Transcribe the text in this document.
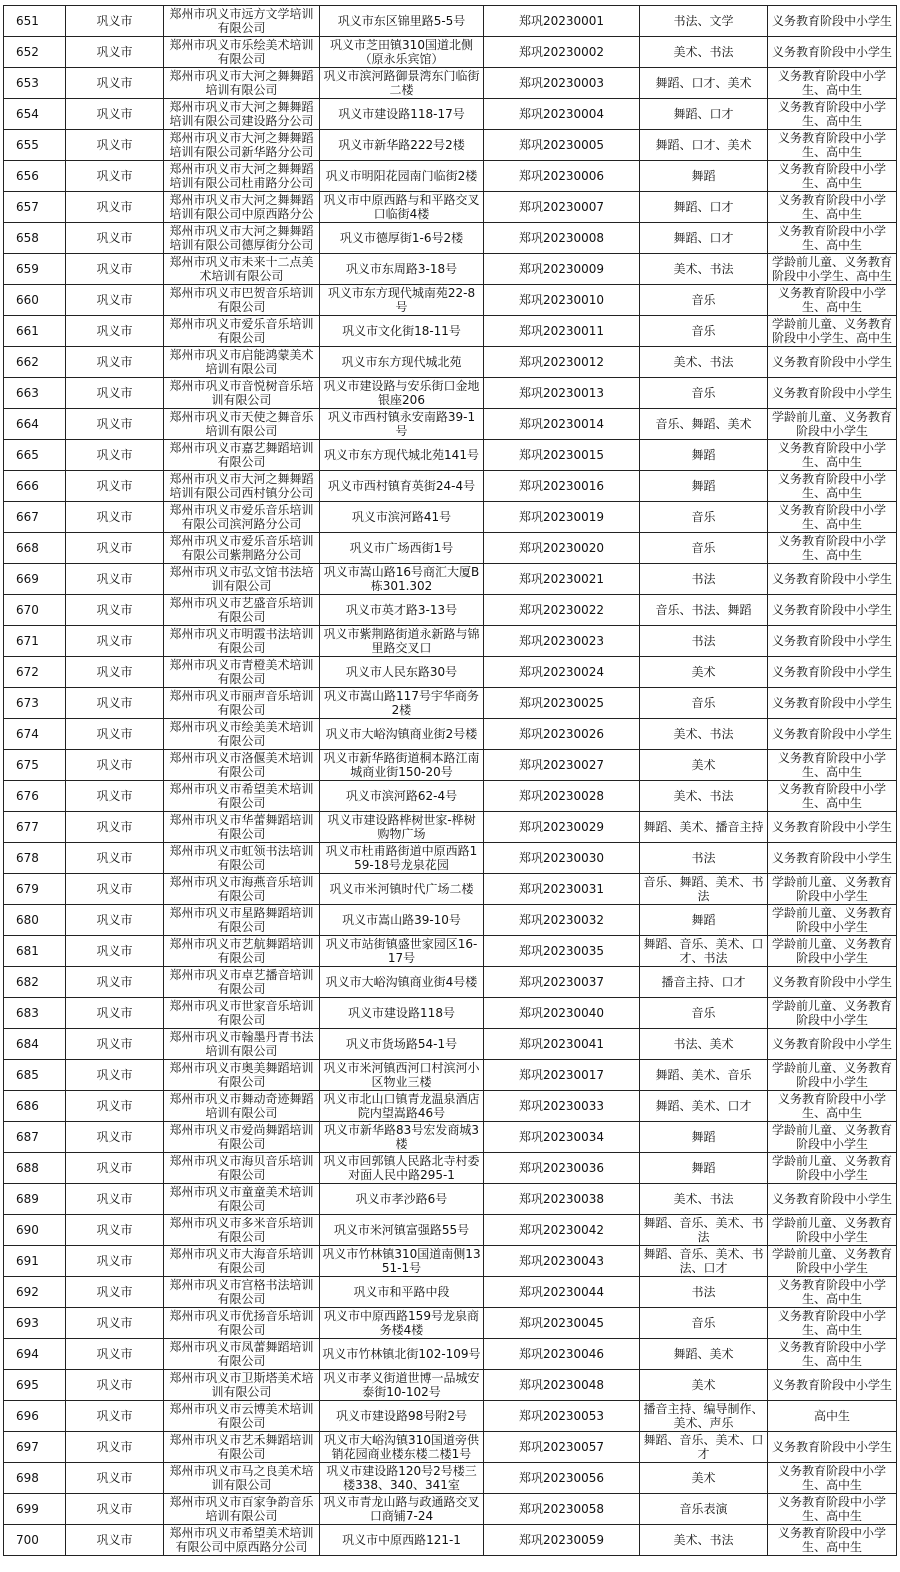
651	巩义市	郑州市巩义市远方文学培训有限公司	巩义市东区锦里路5-5号	郑巩20230001	书法、文学	义务教育阶段中小学生
652	巩义市	郑州市巩义市乐绘美术培训有限公司	巩义市芝田镇310国道北侧（原永乐宾馆）	郑巩20230002	美术、书法	义务教育阶段中小学生
653	巩义市	郑州市巩义市大河之舞舞蹈培训有限公司	巩义市滨河路御景湾东门临街二楼	郑巩20230003	舞蹈、口才、美术	义务教育阶段中小学生、高中生
654	巩义市	郑州市巩义市大河之舞舞蹈培训有限公司建设路分公司	巩义市建设路118-17号	郑巩20230004	舞蹈、口才	义务教育阶段中小学生、高中生
655	巩义市	郑州市巩义市大河之舞舞蹈培训有限公司新华路分公司	巩义市新华路222号2楼	郑巩20230005	舞蹈、口才、美术	义务教育阶段中小学生、高中生
656	巩义市	郑州市巩义市大河之舞舞蹈培训有限公司杜甫路分公司	巩义市明阳花园南门临街2楼	郑巩20230006	舞蹈	义务教育阶段中小学生、高中生
657	巩义市	郑州市巩义市大河之舞舞蹈培训有限公司中原西路分公	巩义市中原西路与和平路交叉口临街4楼	郑巩20230007	舞蹈、口才	义务教育阶段中小学生、高中生
658	巩义市	郑州市巩义市大河之舞舞蹈培训有限公司德厚街分公司	巩义市德厚街1-6号2楼	郑巩20230008	舞蹈、口才	义务教育阶段中小学生、高中生
659	巩义市	郑州市巩义市未来十二点美术培训有限公司	巩义市东周路3-18号	郑巩20230009	美术、书法	学龄前儿童、义务教育阶段中小学生、高中生
660	巩义市	郑州市巩义市巴贺音乐培训有限公司	巩义市东方现代城南苑22-8号	郑巩20230010	音乐	义务教育阶段中小学生、高中生
661	巩义市	郑州市巩义市爱乐音乐培训有限公司	巩义市文化街18-11号	郑巩20230011	音乐	学龄前儿童、义务教育阶段中小学生、高中生
662	巩义市	郑州市巩义市启能鸿蒙美术培训有限公司	巩义市东方现代城北苑	郑巩20230012	美术、书法	义务教育阶段中小学生
663	巩义市	郑州市巩义市音悦树音乐培训有限公司	巩义市建设路与安乐街口金地银座206	郑巩20230013	音乐	义务教育阶段中小学生
664	巩义市	郑州市巩义市天使之舞音乐培训有限公司	巩义市西村镇永安南路39-1号	郑巩20230014	音乐、舞蹈、美术	学龄前儿童、义务教育阶段中小学生
665	巩义市	郑州市巩义市嘉艺舞蹈培训有限公司	巩义市东方现代城北苑141号	郑巩20230015	舞蹈	义务教育阶段中小学生、高中生
666	巩义市	郑州市巩义市大河之舞舞蹈培训有限公司西村镇分公司	巩义市西村镇育英街24-4号	郑巩20230016	舞蹈	义务教育阶段中小学生、高中生
667	巩义市	郑州市巩义市爱乐音乐培训有限公司滨河路分公司	巩义市滨河路41号	郑巩20230019	音乐	义务教育阶段中小学生、高中生
668	巩义市	郑州市巩义市爱乐音乐培训有限公司紫荆路分公司	巩义市广场西街1号	郑巩20230020	音乐	义务教育阶段中小学生、高中生
669	巩义市	郑州市巩义市弘文馆书法培训有限公司	巩义市嵩山路16号商汇大厦B栋301.302	郑巩20230021	书法	义务教育阶段中小学生
670	巩义市	郑州市巩义市艺盛音乐培训有限公司	巩义市英才路3-13号	郑巩20230022	音乐、书法、舞蹈	义务教育阶段中小学生
671	巩义市	郑州市巩义市明霞书法培训有限公司	巩义市紫荆路街道永新路与锦里路交叉口	郑巩20230023	书法	义务教育阶段中小学生
672	巩义市	郑州市巩义市青橙美术培训有限公司	巩义市人民东路30号	郑巩20230024	美术	义务教育阶段中小学生
673	巩义市	郑州市巩义市丽声音乐培训有限公司	巩义市嵩山路117号宇华商务2楼	郑巩20230025	音乐	义务教育阶段中小学生
674	巩义市	郑州市巩义市绘美美术培训有限公司	巩义市大峪沟镇商业街2号楼	郑巩20230026	美术、书法	义务教育阶段中小学生
675	巩义市	郑州市巩义市洛偃美术培训有限公司	巩义市新华路街道桐本路江南城商业街150-20号	郑巩20230027	美术	义务教育阶段中小学生、高中生
676	巩义市	郑州市巩义市希望美术培训有限公司	巩义市滨河路62-4号	郑巩20230028	美术、书法	义务教育阶段中小学生、高中生
677	巩义市	郑州市巩义市华蕾舞蹈培训有限公司	巩义市建设路桦树世家-桦树购物广场	郑巩20230029	舞蹈、美术、播音主持	义务教育阶段中小学生
678	巩义市	郑州市巩义市虹领书法培训有限公司	巩义市杜甫路街道中原西路159-18号龙泉花园	郑巩20230030	书法	义务教育阶段中小学生
679	巩义市	郑州市巩义市海燕音乐培训有限公司	巩义市米河镇时代广场二楼	郑巩20230031	音乐、舞蹈、美术、书法	学龄前儿童、义务教育阶段中小学生
680	巩义市	郑州市巩义市星路舞蹈培训有限公司	巩义市嵩山路39-10号	郑巩20230032	舞蹈	学龄前儿童、义务教育阶段中小学生
681	巩义市	郑州市巩义市艺航舞蹈培训有限公司	巩义市站街镇盛世家园区16-17号	郑巩20230035	舞蹈、音乐、美术、口才、书法	学龄前儿童、义务教育阶段中小学生
682	巩义市	郑州市巩义市卓艺播音培训有限公司	巩义市大峪沟镇商业街4号楼	郑巩20230037	播音主持、口才	义务教育阶段中小学生
683	巩义市	郑州市巩义市世家音乐培训有限公司	巩义市建设路118号	郑巩20230040	音乐	学龄前儿童、义务教育阶段中小学生
684	巩义市	郑州市巩义市翰墨丹青书法培训有限公司	巩义市货场路54-1号	郑巩20230041	书法、美术	义务教育阶段中小学生
685	巩义市	郑州市巩义市奥美舞蹈培训有限公司	巩义市米河镇西河口村滨河小区物业三楼	郑巩20230017	舞蹈、美术、音乐	学龄前儿童、义务教育阶段中小学生
686	巩义市	郑州市巩义市舞动奇迹舞蹈培训有限公司	巩义市北山口镇青龙温泉酒店院内望嵩路46号	郑巩20230033	舞蹈、美术、口才	义务教育阶段中小学生、高中生
687	巩义市	郑州市巩义市爱尚舞蹈培训有限公司	巩义市新华路83号宏发商城3楼	郑巩20230034	舞蹈	学龄前儿童、义务教育阶段中小学生
688	巩义市	郑州市巩义市海贝音乐培训有限公司	巩义市回郭镇人民路北寺村委对面人民中路295-1	郑巩20230036	舞蹈	学龄前儿童、义务教育阶段中小学生
689	巩义市	郑州市巩义市童童美术培训有限公司	巩义市孝沙路6号	郑巩20230038	美术、书法	义务教育阶段中小学生
690	巩义市	郑州市巩义市多米音乐培训有限公司	巩义市米河镇富强路55号	郑巩20230042	舞蹈、音乐、美术、书法	学龄前儿童、义务教育阶段中小学生
691	巩义市	郑州市巩义市大海音乐培训有限公司	巩义市竹林镇310国道南侧1351-1号	郑巩20230043	舞蹈、音乐、美术、书法、口才	学龄前儿童、义务教育阶段中小学生
692	巩义市	郑州市巩义市宫格书法培训有限公司	巩义市和平路中段	郑巩20230044	书法	义务教育阶段中小学生、高中生
693	巩义市	郑州市巩义市优扬音乐培训有限公司	巩义市中原西路159号龙泉商务楼4楼	郑巩20230045	音乐	义务教育阶段中小学生、高中生
694	巩义市	郑州市巩义市凤蕾舞蹈培训有限公司	巩义市竹林镇北街102-109号	郑巩20230046	舞蹈、美术	义务教育阶段中小学生、高中生
695	巩义市	郑州市巩义市卫斯塔美术培训有限公司	巩义市孝义街道世博一品城安泰街10-102号	郑巩20230048	美术	义务教育阶段中小学生
696	巩义市	郑州市巩义市云博美术培训有限公司	巩义市建设路98号附2号	郑巩20230053	播音主持、编导制作、美术、声乐	高中生
697	巩义市	郑州市巩义市艺禾舞蹈培训有限公司	巩义市大峪沟镇310国道旁供销花园商业楼东楼二楼1号	郑巩20230057	舞蹈、音乐、美术、口才	义务教育阶段中小学生
698	巩义市	郑州市巩义市马之良美术培训有限公司	巩义市建设路120号2号楼三楼338、340、341室	郑巩20230056	美术	义务教育阶段中小学生、高中生
699	巩义市	郑州市巩义市百家争韵音乐培训有限公司	巩义市青龙山路与政通路交叉口商铺7-24	郑巩20230058	音乐表演	义务教育阶段中小学生、高中生
700	巩义市	郑州市巩义市希望美术培训有限公司中原西路分公司	巩义市中原西路121-1	郑巩20230059	美术、书法	义务教育阶段中小学生、高中生
